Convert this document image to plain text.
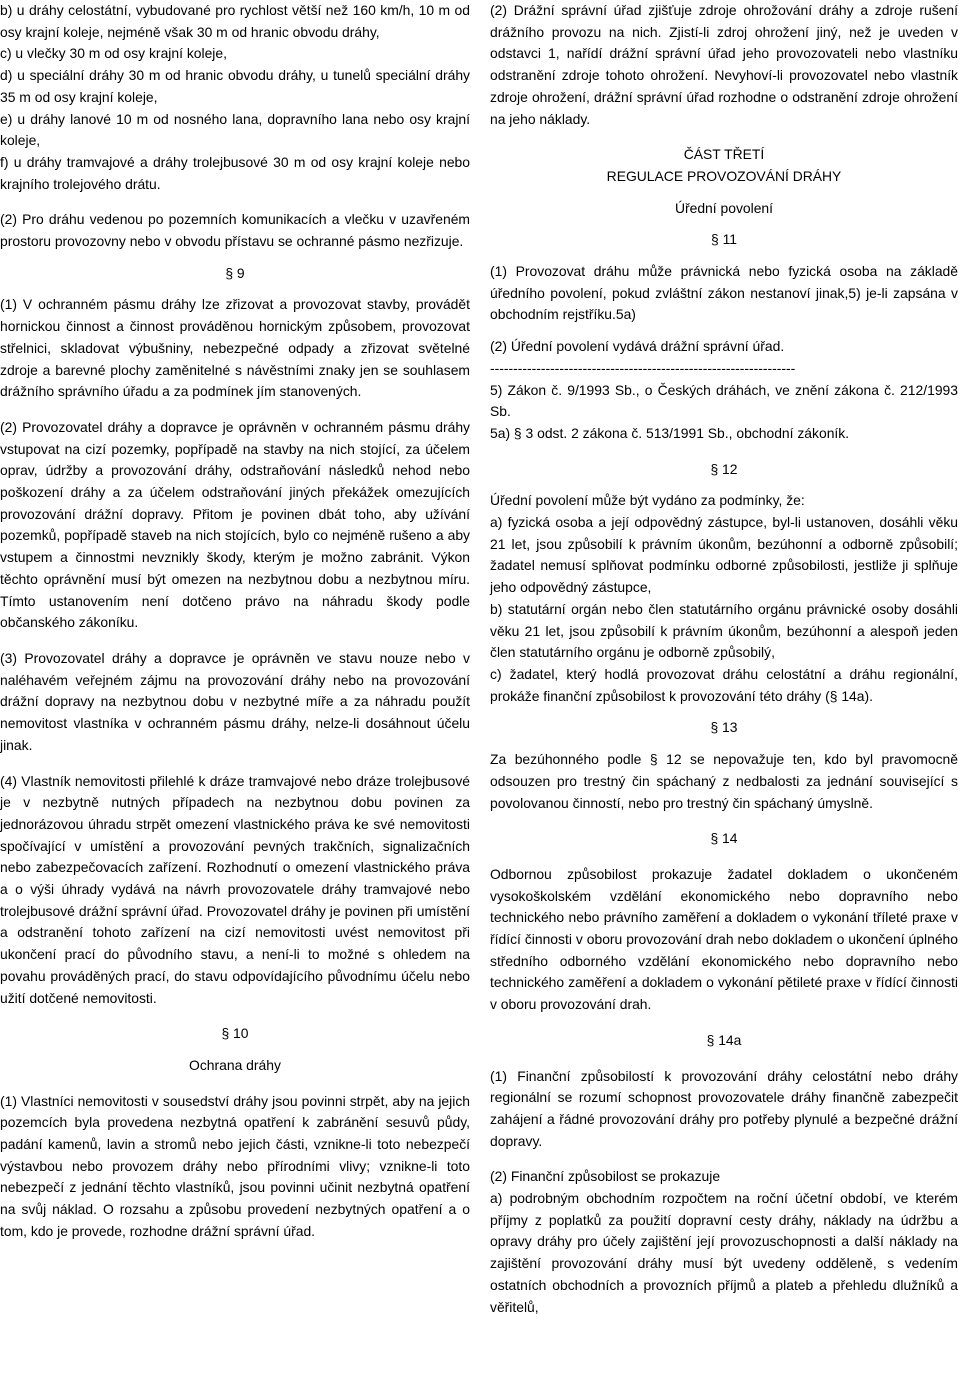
b) u dráhy celostátní, vybudované pro rychlost větší než 160 km/h, 10 m od osy krajní koleje, nejméně však 30 m od hranic obvodu dráhy,

c) u vlečky 30 m od osy krajní koleje,

d) u speciální dráhy 30 m od hranic obvodu dráhy, u tunelů speciální dráhy 35 m od osy krajní koleje,

e) u dráhy lanové 10 m od nosného lana, dopravního lana nebo osy krajní koleje,

f) u dráhy tramvajové a dráhy trolejbusové 30 m od osy krajní koleje nebo krajního trolejového drátu.

(2) Pro dráhu vedenou po pozemních komunikacích a vlečku v uzavřeném prostoru provozovny nebo v obvodu přístavu se ochranné pásmo nezřizuje.

§ 9

(1) V ochranném pásmu dráhy lze zřizovat a provozovat stavby, provádět hornickou činnost a činnost prováděnou hornickým způsobem, provozovat střelnici, skladovat výbušniny, nebezpečné odpady a zřizovat světelné zdroje a barevné plochy zaměnitelné s návěstními znaky jen se souhlasem drážního správního úřadu a za podmínek jím stanovených.

(2) Provozovatel dráhy a dopravce je oprávněn v ochranném pásmu dráhy vstupovat na cizí pozemky, popřípadě na stavby na nich stojící, za účelem oprav, údržby a provozování dráhy, odstraňování následků nehod nebo poškození dráhy a za účelem odstraňování jiných překážek omezujících provozování drážní dopravy. Přitom je povinen dbát toho, aby užívání pozemků, popřípadě staveb na nich stojících, bylo co nejméně rušeno a aby vstupem a činnostmi nevznikly škody, kterým je možno zabránit. Výkon těchto oprávnění musí být omezen na nezbytnou dobu a nezbytnou míru. Tímto ustanovením není dotčeno právo na náhradu škody podle občanského zákoníku.

(3) Provozovatel dráhy a dopravce je oprávněn ve stavu nouze nebo v naléhavém veřejném zájmu na provozování dráhy nebo na provozování drážní dopravy na nezbytnou dobu v nezbytné míře a za náhradu použít nemovitost vlastníka v ochranném pásmu dráhy, nelze-li dosáhnout účelu jinak.

(4) Vlastník nemovitosti přilehlé k dráze tramvajové nebo dráze trolejbusové je v nezbytně nutných případech na nezbytnou dobu povinen za jednorázovou úhradu strpět omezení vlastnického práva ke své nemovitosti spočívající v umístění a provozování pevných trakčních, signalizačních nebo zabezpečovacích zařízení. Rozhodnutí o omezení vlastnického práva a o výši úhrady vydává na návrh provozovatele dráhy tramvajové nebo trolejbusové drážní správní úřad. Provozovatel dráhy je povinen při umístění a odstranění tohoto zařízení na cizí nemovitosti uvést nemovitost při ukončení prací do původního stavu, a není-li to možné s ohledem na povahu prováděných prací, do stavu odpovídajícího původnímu účelu nebo užití dotčené nemovitosti.

§ 10

Ochrana dráhy

(1) Vlastníci nemovitosti v sousedství dráhy jsou povinni strpět, aby na jejich pozemcích byla provedena nezbytná opatření k zabránění sesuvů půdy, padání kamenů, lavin a stromů nebo jejich části, vznikne-li toto nebezpečí výstavbou nebo provozem dráhy nebo přírodními vlivy; vznikne-li toto nebezpečí z jednání těchto vlastníků, jsou povinni učinit nezbytná opatření na svůj náklad. O rozsahu a způsobu provedení nezbytných opatření a o tom, kdo je provede, rozhodne drážní správní úřad.

(2) Drážní správní úřad zjišťuje zdroje ohrožování dráhy a zdroje rušení drážního provozu na nich. Zjistí-li zdroj ohrožení jiný, než je uveden v odstavci 1, nařídí drážní správní úřad jeho provozovateli nebo vlastníku odstranění zdroje tohoto ohrožení. Nevyhoví-li provozovatel nebo vlastník zdroje ohrožení, drážní správní úřad rozhodne o odstranění zdroje ohrožení na jeho náklady.

ČÁST TŘETÍ

REGULACE PROVOZOVÁNÍ DRÁHY

Úřední povolení

§ 11

(1) Provozovat dráhu může právnická nebo fyzická osoba na základě úředního povolení, pokud zvláštní zákon nestanoví jinak,5) je-li zapsána v obchodním rejstříku.5a)

(2) Úřední povolení vydává drážní správní úřad.

------------------------------------------------------------------

5) Zákon č. 9/1993 Sb., o Českých dráhách, ve znění zákona č. 212/1993 Sb.

5a) § 3 odst. 2 zákona č. 513/1991 Sb., obchodní zákoník.

§ 12

Úřední povolení může být vydáno za podmínky, že:

a) fyzická osoba a její odpovědný zástupce, byl-li ustanoven, dosáhli věku 21 let, jsou způsobilí k právním úkonům, bezúhonní a odborně způsobilí; žadatel nemusí splňovat podmínku odborné způsobilosti, jestliže ji splňuje jeho odpovědný zástupce,

b) statutární orgán nebo člen statutárního orgánu právnické osoby dosáhli věku 21 let, jsou způsobilí k právním úkonům, bezúhonní a alespoň jeden člen statutárního orgánu je odborně způsobilý,

c) žadatel, který hodlá provozovat dráhu celostátní a dráhu regionální, prokáže finanční způsobilost k provozování této dráhy (§ 14a).

§ 13

Za bezúhonného podle § 12 se nepovažuje ten, kdo byl pravomocně odsouzen pro trestný čin spáchaný z nedbalosti za jednání související s povolovanou činností, nebo pro trestný čin spáchaný úmyslně.

§ 14

Odbornou způsobilost prokazuje žadatel dokladem o ukončeném vysokoškolském vzdělání ekonomického nebo dopravního nebo technického nebo právního zaměření a dokladem o vykonání tříleté praxe v řídící činnosti v oboru provozování drah nebo dokladem o ukončení úplného středního odborného vzdělání ekonomického nebo dopravního nebo technického zaměření a dokladem o vykonání pětileté praxe v řídící činnosti v oboru provozování drah.

§ 14a

(1) Finanční způsobilostí k provozování dráhy celostátní nebo dráhy regionální se rozumí schopnost provozovatele dráhy finančně zabezpečit zahájení a řádné provozování dráhy pro potřeby plynulé a bezpečné drážní dopravy.

(2) Finanční způsobilost se prokazuje

a) podrobným obchodním rozpočtem na roční účetní období, ve kterém příjmy z poplatků za použití dopravní cesty dráhy, náklady na údržbu a opravy dráhy pro účely zajištění její provozuschopnosti a další náklady na zajištění provozování dráhy musí být uvedeny odděleně, s vedením ostatních obchodních a provozních příjmů a plateb a přehledu dlužníků a věřitelů,
